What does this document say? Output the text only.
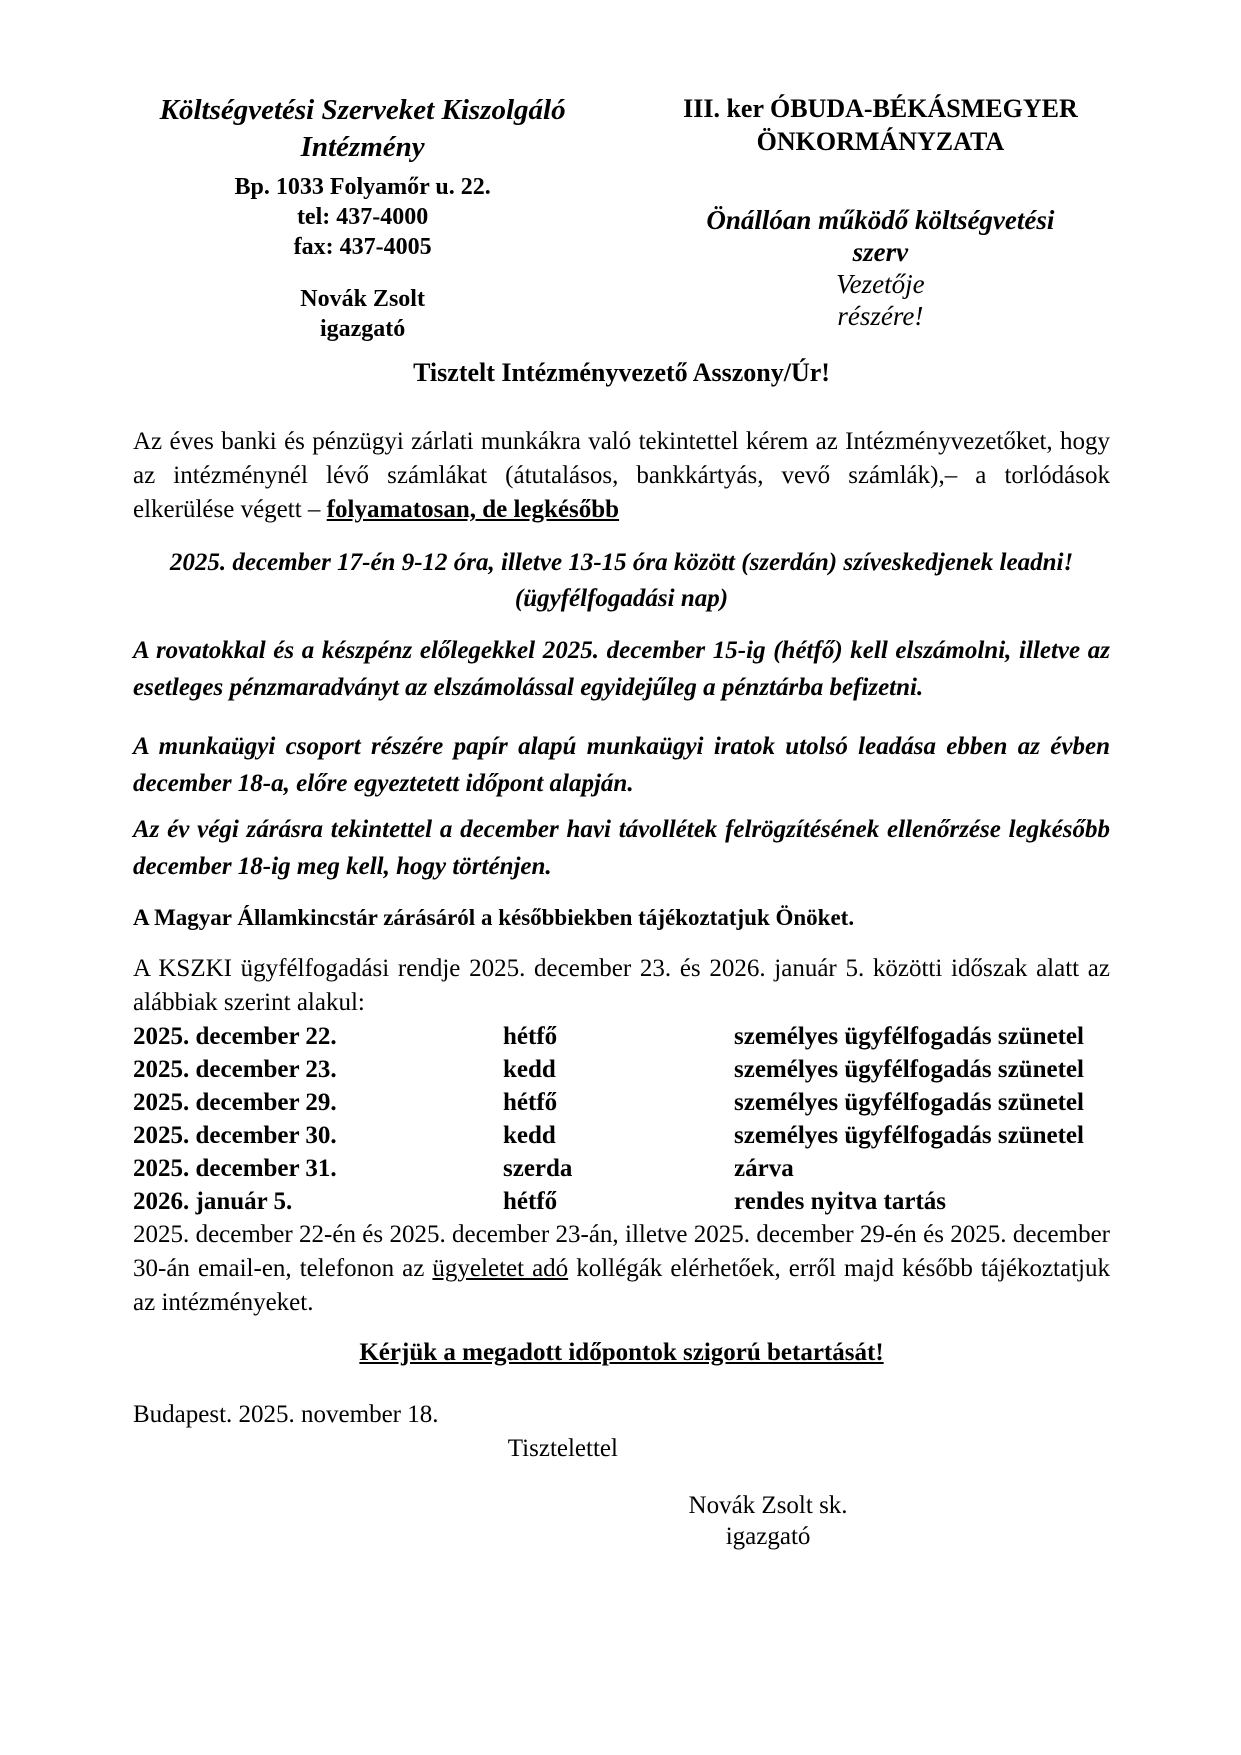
Költségvetési Szerveket Kiszolgáló
Intézmény
Bp. 1033 Folyamőr u. 22.
tel: 437-4000
fax: 437-4005
Novák Zsolt
igazgató
III. ker ÓBUDA-BÉKÁSMEGYER
ÖNKORMÁNYZATA
Önállóan működő költségvetési
szerv
Vezetője
részére!
Tisztelt Intézményvezető Asszony/Úr!

Az éves banki és pénzügyi zárlati munkákra való tekintettel kérem az Intézményvezetőket, hogy az intézménynél lévő számlákat (átutalásos, bankkártyás, vevő számlák),– a torlódások elkerülése végett – folyamatosan, de legkésőbb

2025. december 17-én 9-12 óra, illetve 13-15 óra között (szerdán) szíveskedjenek leadni! (ügyfélfogadási nap)

A rovatokkal és a készpénz előlegekkel 2025. december 15-ig (hétfő) kell elszámolni, illetve az esetleges pénzmaradványt az elszámolással egyidejűleg a pénztárba befizetni.

A munkaügyi csoport részére papír alapú munkaügyi iratok utolsó leadása ebben az évben december 18-a, előre egyeztetett időpont alapján.

Az év végi zárásra tekintettel a december havi távollétek felrögzítésének ellenőrzése legkésőbb december 18-ig meg kell, hogy történjen.

A Magyar Államkincstár zárásáról a későbbiekben tájékoztatjuk Önöket.

A KSZKI ügyfélfogadási rendje 2025. december 23. és 2026. január 5. közötti időszak alatt az alábbiak szerint alakul:

2025. december 22.	hétfő	személyes ügyfélfogadás szünetel
2025. december 23.	kedd	személyes ügyfélfogadás szünetel
2025. december 29.	hétfő	személyes ügyfélfogadás szünetel
2025. december 30.	kedd	személyes ügyfélfogadás szünetel
2025. december 31.	szerda	zárva
2026. január 5.	hétfő	rendes nyitva tartás

2025. december 22-én és 2025. december 23-án, illetve 2025. december 29-én és 2025. december 30-án email-en, telefonon az ügyeletet adó kollégák elérhetőek, erről majd később tájékoztatjuk az intézményeket.

Kérjük a megadott időpontok szigorú betartását!

Budapest. 2025. november 18.

Tisztelettel
Novák Zsolt sk.
igazgató
